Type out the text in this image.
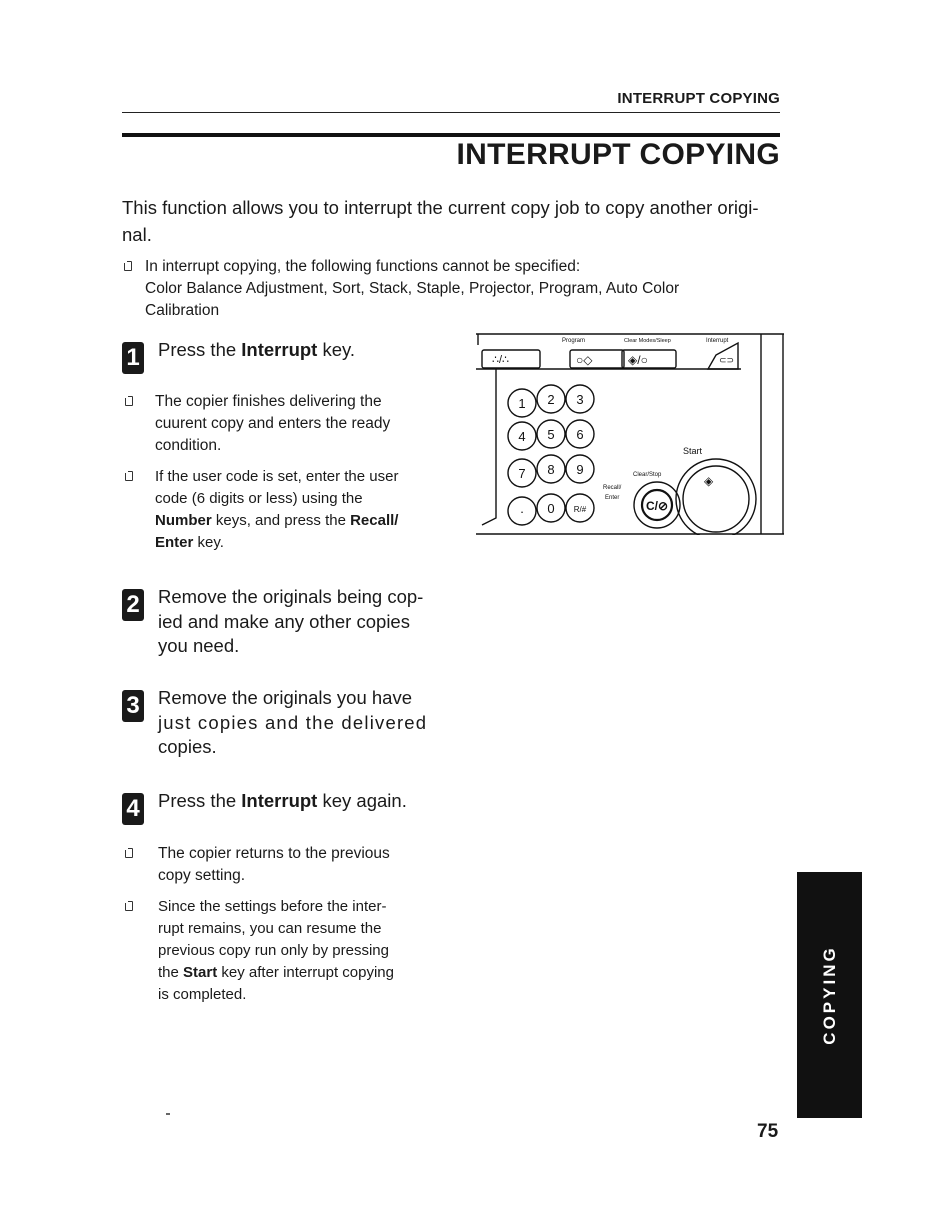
INTERRUPT COPYING
INTERRUPT COPYING
This function allows you to interrupt the current copy job to copy another origi-
nal.
In interrupt copying, the following functions cannot be specified:
Color Balance Adjustment, Sort, Stack, Staple, Projector, Program, Auto Color
Calibration
1 Press the Interrupt key.
The copier finishes delivering the
cuurent copy and enters the ready
condition.
If the user code is set, enter the user
code (6 digits or less) using the
Number keys, and press the Recall/
Enter key.
2 Remove the originals being cop-
ied and make any other copies
you need.
3 Remove the originals you have
just copies and the delivered
copies.
4 Press the Interrupt key again.
The copier returns to the previous
copy setting.
Since the settings before the inter-
rupt remains, you can resume the
previous copy run only by pressing
the Start key after interrupt copying
is completed.
Program	Clear Modes/Sleep	Interrupt
∴/∴	○◇	◈/○	⊂⊃
1 2 3
4 5 6
7 8 9
· 0 R/#
Start
Clear/Stop
Recall/
Enter
C/⊘
◈
COPYING
75
